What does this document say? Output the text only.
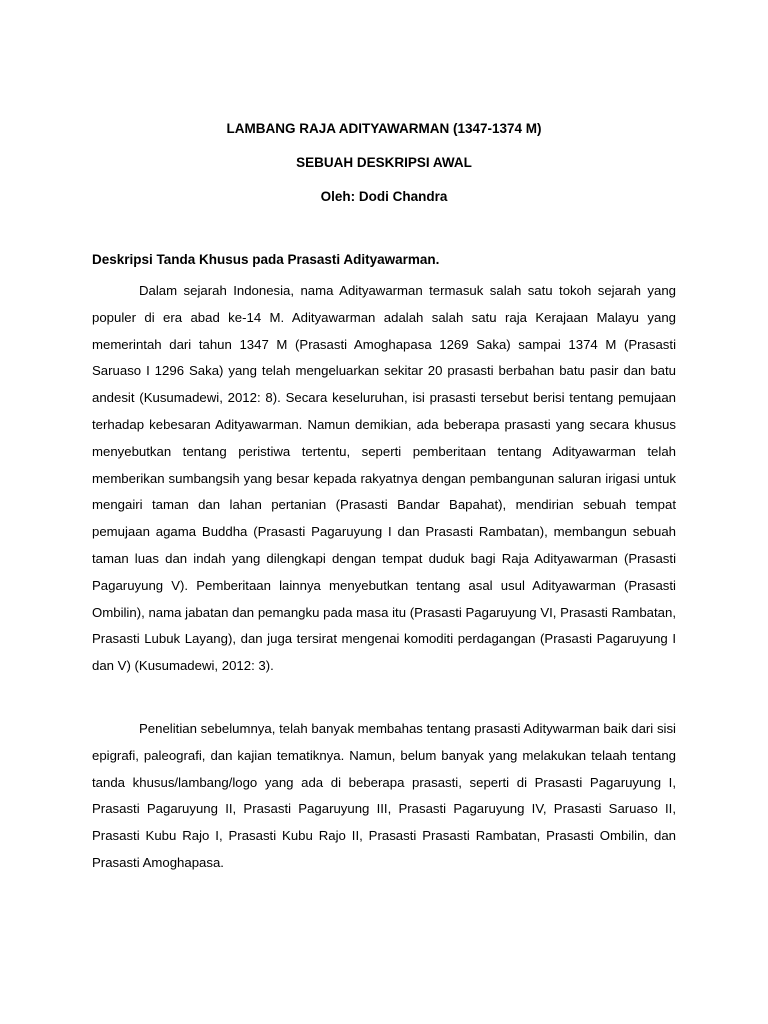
LAMBANG RAJA ADITYAWARMAN (1347-1374 M)
SEBUAH DESKRIPSI AWAL
Oleh: Dodi Chandra
Deskripsi Tanda Khusus pada Prasasti Adityawarman.

Dalam sejarah Indonesia, nama Adityawarman termasuk salah satu tokoh sejarah yang populer di era abad ke-14 M. Adityawarman adalah salah satu raja Kerajaan Malayu yang memerintah dari tahun 1347 M (Prasasti Amoghapasa 1269 Saka) sampai 1374 M (Prasasti Saruaso I 1296 Saka) yang telah mengeluarkan sekitar 20 prasasti berbahan batu pasir dan batu andesit (Kusumadewi, 2012: 8). Secara keseluruhan, isi prasasti tersebut berisi tentang pemujaan terhadap kebesaran Adityawarman. Namun demikian, ada beberapa prasasti yang secara khusus menyebutkan tentang peristiwa tertentu, seperti pemberitaan tentang Adityawarman telah memberikan sumbangsih yang besar kepada rakyatnya dengan pembangunan saluran irigasi untuk mengairi taman dan lahan pertanian (Prasasti Bandar Bapahat), mendirian sebuah tempat pemujaan agama Buddha (Prasasti Pagaruyung I dan Prasasti Rambatan), membangun sebuah taman luas dan indah yang dilengkapi dengan tempat duduk bagi Raja Adityawarman (Prasasti Pagaruyung V). Pemberitaan lainnya menyebutkan tentang asal usul Adityawarman (Prasasti Ombilin), nama jabatan dan pemangku pada masa itu (Prasasti Pagaruyung VI, Prasasti Rambatan, Prasasti Lubuk Layang), dan juga tersirat mengenai komoditi perdagangan (Prasasti Pagaruyung I dan V) (Kusumadewi, 2012: 3).

Penelitian sebelumnya, telah banyak membahas tentang prasasti Aditywarman baik dari sisi epigrafi, paleografi, dan kajian tematiknya. Namun, belum banyak yang melakukan telaah tentang tanda khusus/lambang/logo yang ada di beberapa prasasti, seperti di Prasasti Pagaruyung I, Prasasti Pagaruyung II, Prasasti Pagaruyung III, Prasasti Pagaruyung IV, Prasasti Saruaso II, Prasasti Kubu Rajo I, Prasasti Kubu Rajo II, Prasasti Prasasti Rambatan, Prasasti Ombilin, dan Prasasti Amoghapasa.
